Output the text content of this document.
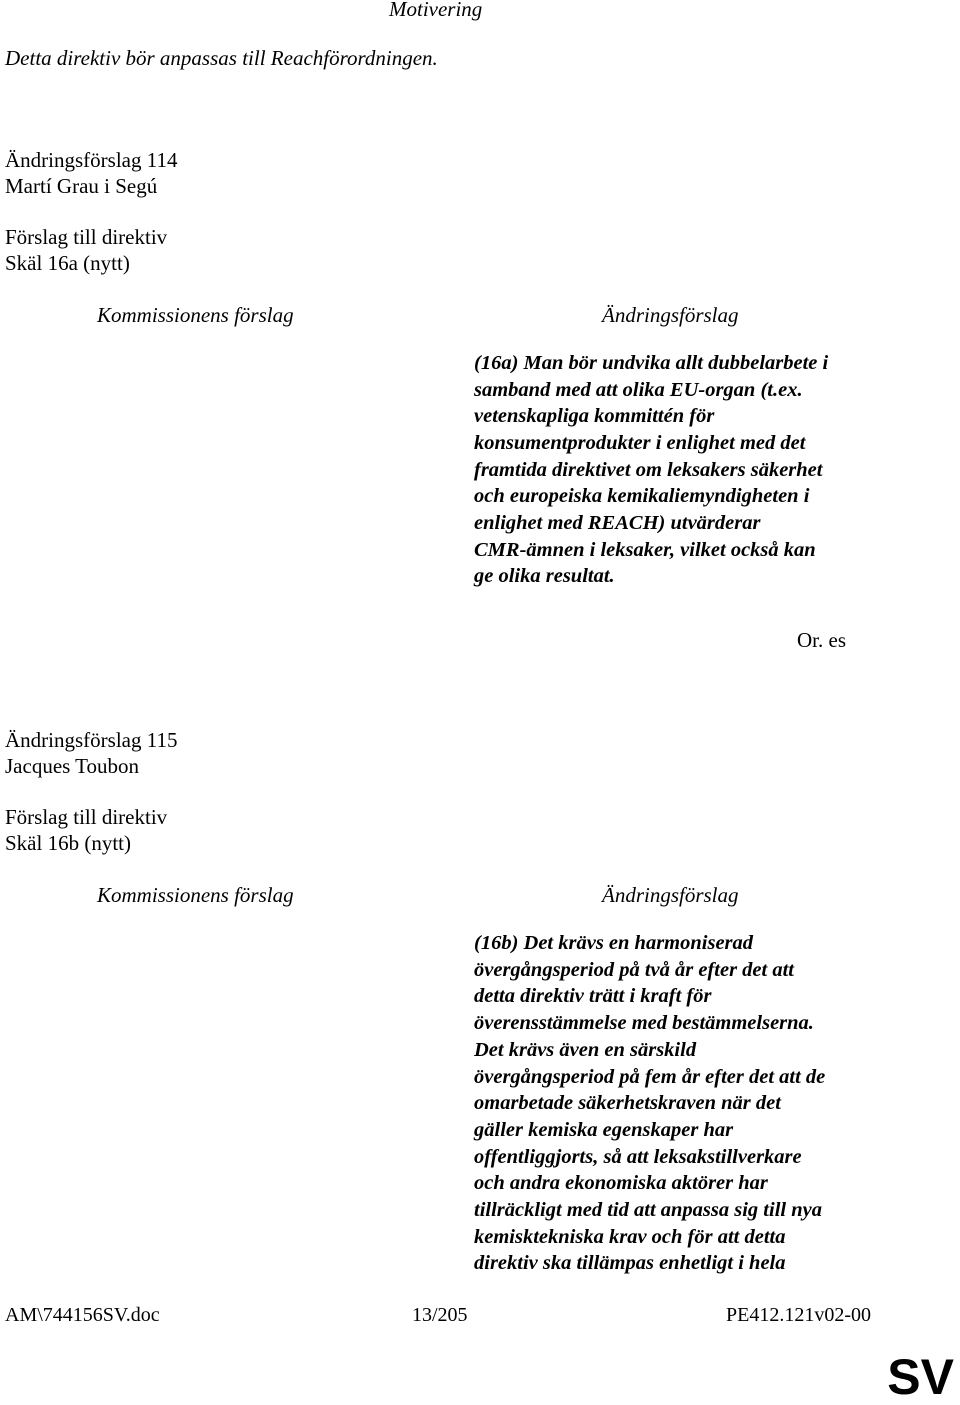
Motivering
Detta direktiv bör anpassas till Reachförordningen.
Ändringsförslag 114
Martí Grau i Segú
Förslag till direktiv
Skäl 16a (nytt)
Kommissionens förslag	Ändringsförslag
(16a) Man bör undvika allt dubbelarbete i
samband med att olika EU-organ (t.ex.
vetenskapliga kommittén för
konsumentprodukter i enlighet med det
framtida direktivet om leksakers säkerhet
och europeiska kemikaliemyndigheten i
enlighet med REACH) utvärderar
CMR-ämnen i leksaker, vilket också kan
ge olika resultat.
Or. es
Ändringsförslag 115
Jacques Toubon
Förslag till direktiv
Skäl 16b (nytt)
Kommissionens förslag	Ändringsförslag
(16b) Det krävs en harmoniserad
övergångsperiod på två år efter det att
detta direktiv trätt i kraft för
överensstämmelse med bestämmelserna.
Det krävs även en särskild
övergångsperiod på fem år efter det att de
omarbetade säkerhetskraven när det
gäller kemiska egenskaper har
offentliggjorts, så att leksakstillverkare
och andra ekonomiska aktörer har
tillräckligt med tid att anpassa sig till nya
kemisktekniska krav och för att detta
direktiv ska tillämpas enhetligt i hela
AM\744156SV.doc	13/205	PE412.121v02-00
SV
